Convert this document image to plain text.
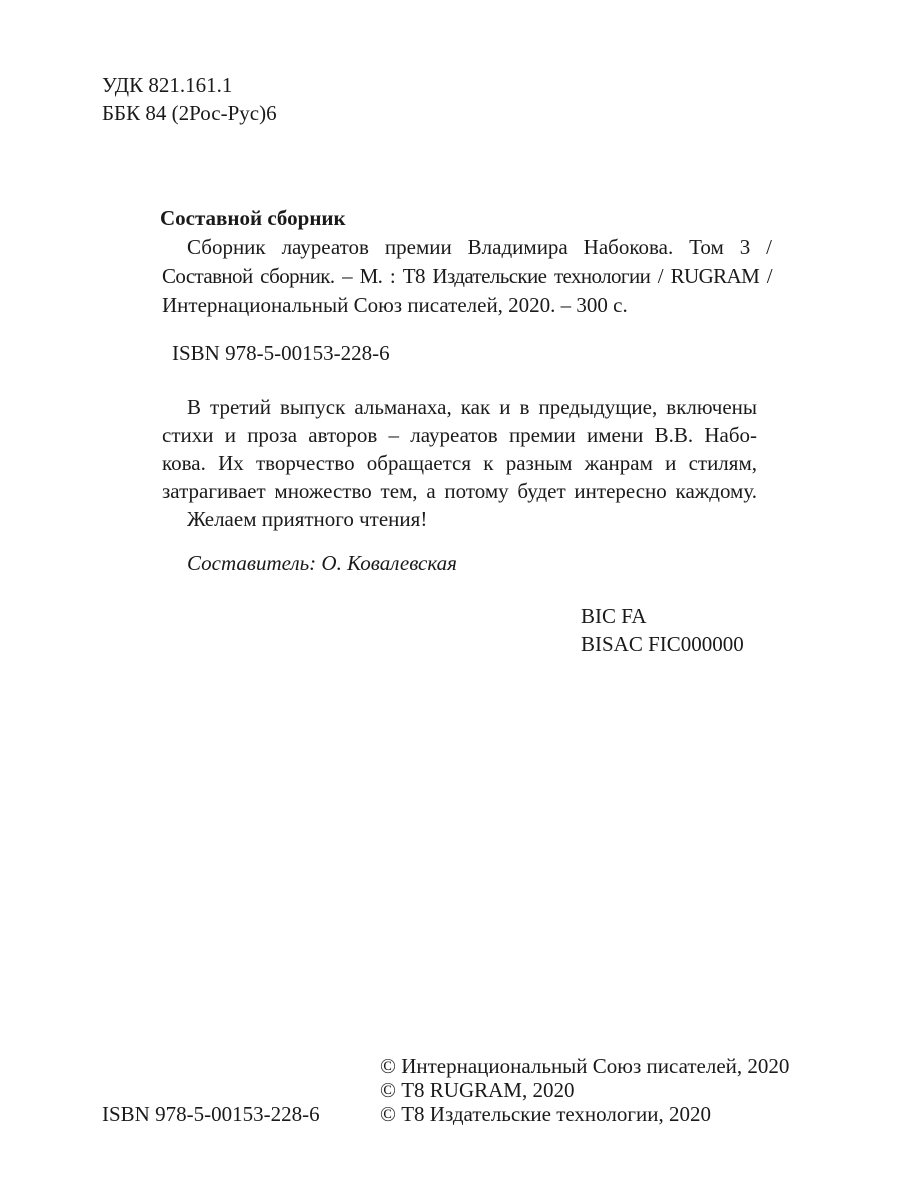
УДК 821.161.1
ББК 84 (2Рос-Рус)6
Составной сборник
Сборник лауреатов премии Владимира Набокова. Том 3 /
Составной сборник. – М. : Т8 Издательские технологии / RUGRAM /
Интернациональный Союз писателей, 2020. – 300 с.
ISBN 978-5-00153-228-6
В третий выпуск альманаха, как и в предыдущие, включены
стихи и проза авторов – лауреатов премии имени В.В. Набо-
кова. Их творчество обращается к разным жанрам и стилям,
затрагивает множество тем, а потому будет интересно каждому.
Желаем приятного чтения!
Составитель: О. Ковалевская
BIC FA
BISAC FIC000000
© Интернациональный Союз писателей, 2020
© Т8 RUGRAM, 2020
ISBN 978-5-00153-228-6	© Т8 Издательские технологии, 2020
